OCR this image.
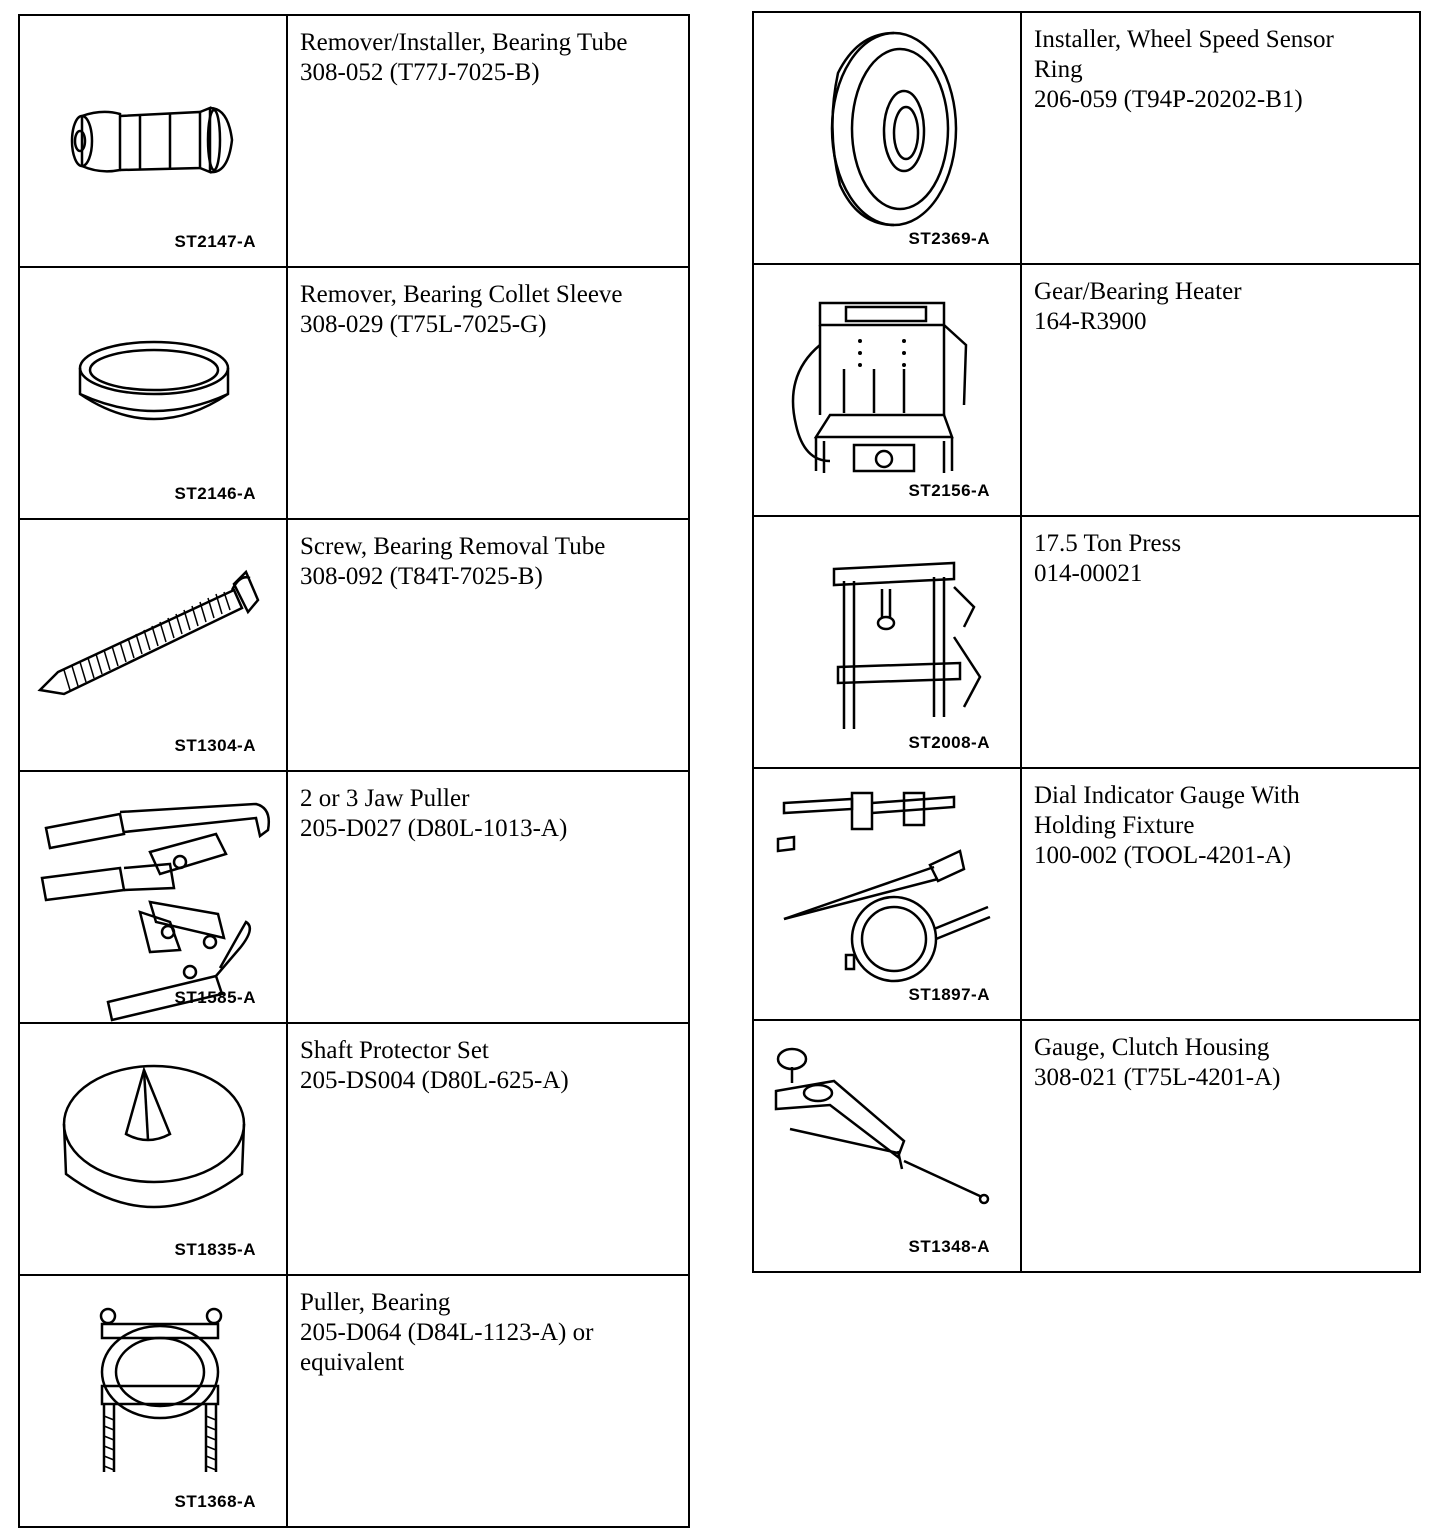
ST2147-A	Remover/Installer, Bearing Tube
308-052 (T77J-7025-B)

ST2146-A	Remover, Bearing Collet Sleeve
308-029 (T75L-7025-G)

ST1304-A	Screw, Bearing Removal Tube
308-092 (T84T-7025-B)

ST1585-A	2 or 3 Jaw Puller
205-D027 (D80L-1013-A)

ST1835-A	Shaft Protector Set
205-DS004 (D80L-625-A)

ST1368-A	Puller, Bearing
205-D064 (D84L-1123-A) or
equivalent
ST2369-A	Installer, Wheel Speed Sensor
Ring
206-059 (T94P-20202-B1)

ST2156-A	Gear/Bearing Heater
164-R3900

ST2008-A	17.5 Ton Press
014-00021

ST1897-A	Dial Indicator Gauge With
Holding Fixture
100-002 (TOOL-4201-A)

ST1348-A	Gauge, Clutch Housing
308-021 (T75L-4201-A)
